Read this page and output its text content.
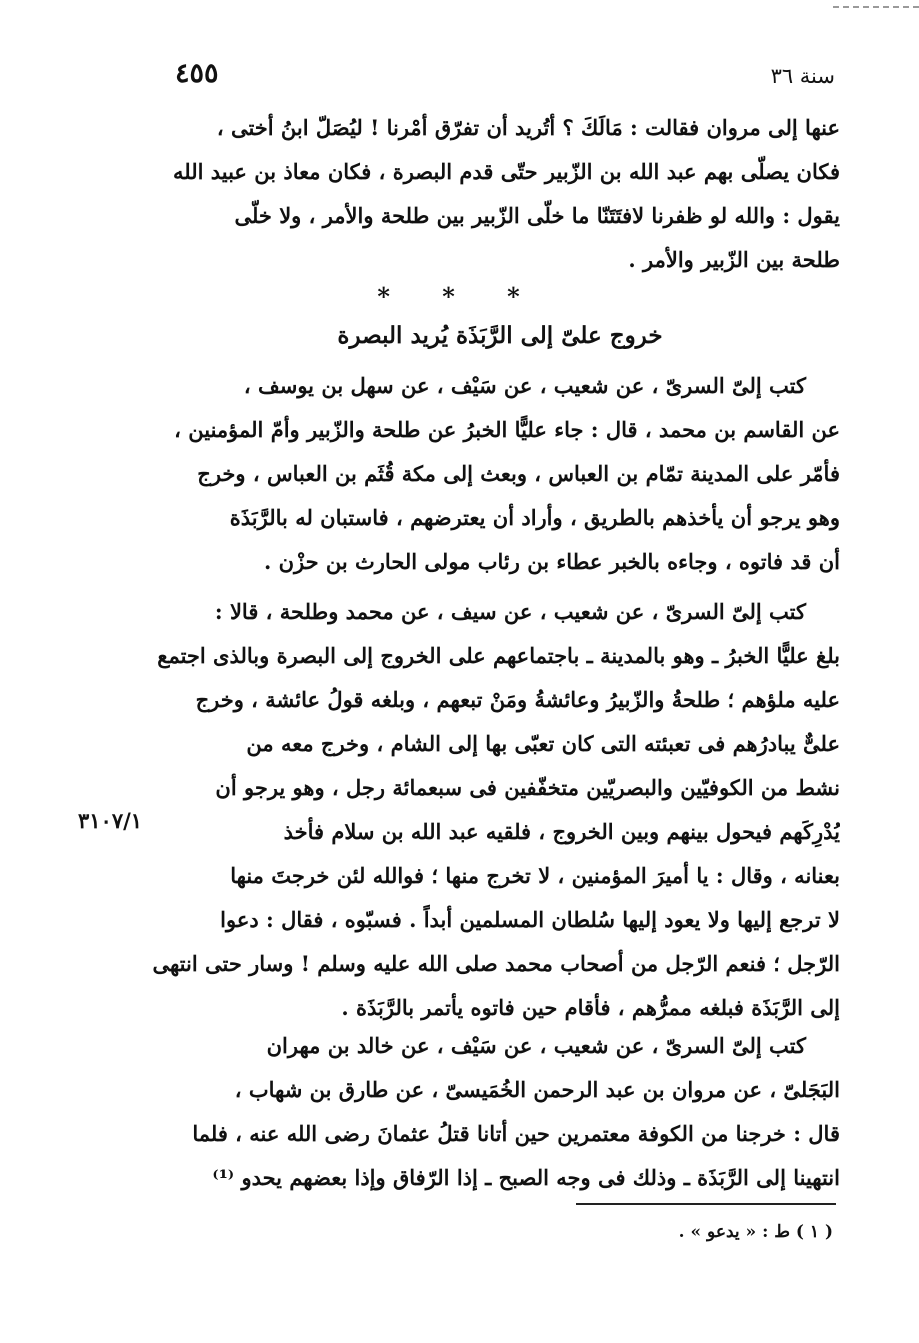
سنة ٣٦
٤٥٥
عنها إلى مروان فقالت : مَالَكَ ؟ أتُريد أن تفرّق أمْرنا ! ليُصَلّ ابنُ أختى ،
فكان يصلّى بهم عبد الله بن الزّبير حتّى قدم البصرة ، فكان معاذ بن عبيد الله
يقول : والله لو ظفرنا لافتَتَنّا ما خلّى الزّبير بين طلحة والأمر ، ولا خلّى
طلحة بين الزّبير والأمر .
* * *
خروج علىّ إلى الرَّبَذَة يُريد البصرة
كتب إلىّ السرىّ ، عن شعيب ، عن سَيْف ، عن سهل بن يوسف ،
عن القاسم بن محمد ، قال : جاء عليًّا الخبرُ عن طلحة والزّبير وأمّ المؤمنين ،
فأمّر على المدينة تمّام بن العباس ، وبعث إلى مكة قُثَم بن العباس ، وخرج
وهو يرجو أن يأخذهم بالطريق ، وأراد أن يعترضهم ، فاستبان له بالرَّبَذَة
أن قد فاتوه ، وجاءه بالخبر عطاء بن رئاب مولى الحارث بن حزْن .
كتب إلىّ السرىّ ، عن شعيب ، عن سيف ، عن محمد وطلحة ، قالا :
بلغ عليًّا الخبرُ ـ وهو بالمدينة ـ باجتماعهم على الخروج إلى البصرة وبالذى اجتمع
عليه ملؤهم ؛ طلحةُ والزّبيرُ وعائشةُ ومَنْ تبعهم ، وبلغه قولُ عائشة ، وخرج
علىٌّ يبادرُهم فى تعبئته التى كان تعبّى بها إلى الشام ، وخرج معه من
نشط من الكوفيّين والبصريّين متخفّفين فى سبعمائة رجل ، وهو يرجو أن
يُدْرِكَهم فيحول بينهم وبين الخروج ، فلقيه عبد الله بن سلام فأخذ
بعنانه ، وقال : يا أميرَ المؤمنين ، لا تخرج منها ؛ فوالله لئن خرجتَ منها
لا ترجع إليها ولا يعود إليها سُلطان المسلمين أبداً . فسبّوه ، فقال : دعوا
الرّجل ؛ فنعم الرّجل من أصحاب محمد صلى الله عليه وسلم ! وسار حتى انتهى
إلى الرَّبَذَة فبلغه ممرُّهم ، فأقام حين فاتوه يأتمر بالرَّبَذَة .
٣١٠٧/١
كتب إلىّ السرىّ ، عن شعيب ، عن سَيْف ، عن خالد بن مهران
البَجَلىّ ، عن مروان بن عبد الرحمن الخُمَيسىّ ، عن طارق بن شهاب ،
قال : خرجنا من الكوفة معتمرين حين أتانا قتلُ عثمانَ رضى الله عنه ، فلما
انتهينا إلى الرَّبَذَة ـ وذلك فى وجه الصبح ـ إذا الرّفاق وإذا بعضهم يحدو ⁽¹⁾
( ١ ) ط : « يدعو » .
